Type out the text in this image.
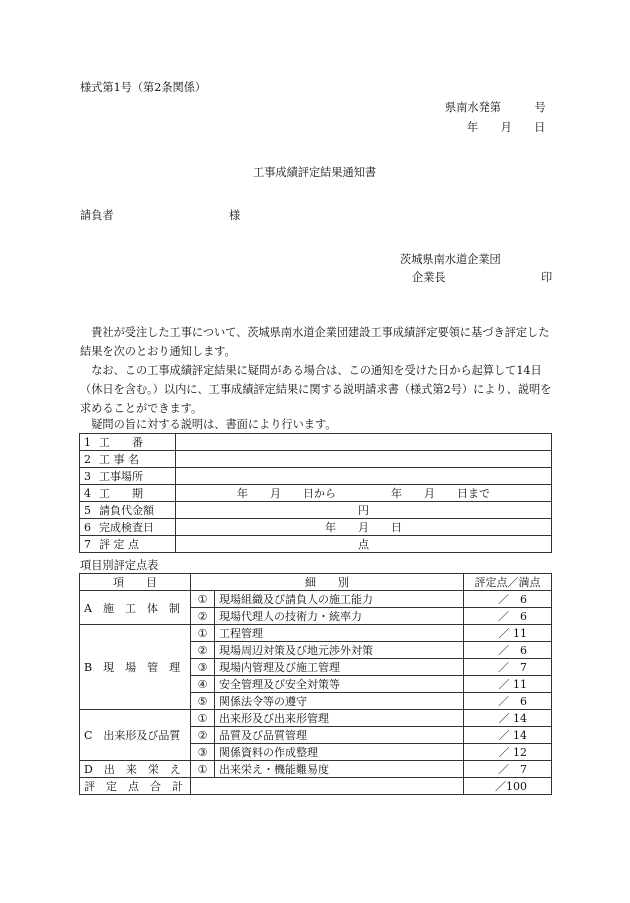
様式第1号（第2条関係）
県南水発第　　　号
年　　月　　日
工事成績評定結果通知書
請負者	様
茨城県南水道企業団
企業長	印
　貴社が受注した工事について、茨城県南水道企業団建設工事成績評定要領に基づき評定した結果を次のとおり通知します。
　なお、この工事成績評定結果に疑問がある場合は、この通知を受けた日から起算して14日（休日を含む。）以内に、工事成績評定結果に関する説明請求書（様式第2号）により、説明を求めることができます。
　疑問の旨に対する説明は、書面により行います。
1 工　　番	
2 工 事 名	
3 工事場所	
4 工　　期	年　　月　　日から　　　　　年　　月　　日まで
5 請負代金額	円
6 完成検査日	年　　月　　日
7 評 定 点	点
項目別評定点表
項　　目	細　　別		評定点／満点
A　施　工　体　制	①	現場組織及び請負人の施工能力	／　6
	②	現場代理人の技術力・統率力	／　6
B　現　場　管　理	①	工程管理	／ 11
	②	現場周辺対策及び地元渉外対策	／　6
	③	現場内管理及び施工管理	／　7
	④	安全管理及び安全対策等	／ 11
	⑤	関係法令等の遵守	／　6
C　出来形及び品質	①	出来形及び出来形管理	／ 14
	②	品質及び品質管理	／ 14
	③	関係資料の作成整理	／ 12
D　出　来　栄　え	①	出来栄え・機能難易度	／　7
評　定　点　合　計			／100
